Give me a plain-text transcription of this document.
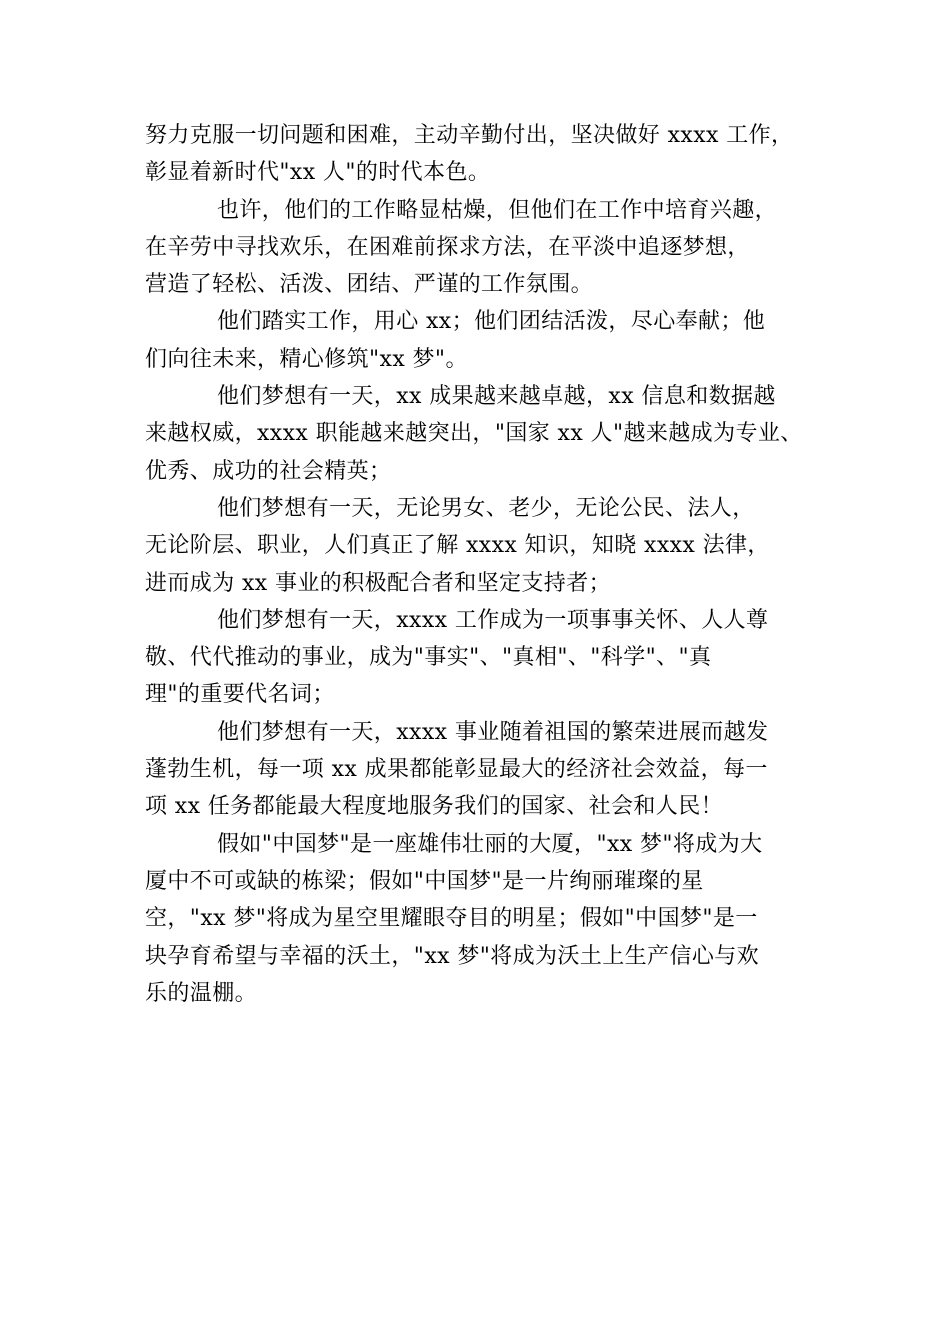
努力克服一切问题和困难，主动辛勤付出，坚决做好 xxxx 工作，
彰显着新时代"xx 人"的时代本色。
也许，他们的工作略显枯燥，但他们在工作中培育兴趣，
在辛劳中寻找欢乐，在困难前探求方法，在平淡中追逐梦想，
营造了轻松、活泼、团结、严谨的工作氛围。
他们踏实工作，用心 xx；他们团结活泼，尽心奉献；他
们向往未来，精心修筑"xx 梦"。
他们梦想有一天，xx 成果越来越卓越，xx 信息和数据越
来越权威，xxxx 职能越来越突出，"国家 xx 人"越来越成为专业、
优秀、成功的社会精英；
他们梦想有一天，无论男女、老少，无论公民、法人，
无论阶层、职业，人们真正了解 xxxx 知识，知晓 xxxx 法律，
进而成为 xx 事业的积极配合者和坚定支持者；
他们梦想有一天，xxxx 工作成为一项事事关怀、人人尊
敬、代代推动的事业，成为"事实"、"真相"、"科学"、"真
理"的重要代名词；
他们梦想有一天，xxxx 事业随着祖国的繁荣进展而越发
蓬勃生机，每一项 xx 成果都能彰显最大的经济社会效益，每一
项 xx 任务都能最大程度地服务我们的国家、社会和人民！
假如"中国梦"是一座雄伟壮丽的大厦，"xx 梦"将成为大
厦中不可或缺的栋梁；假如"中国梦"是一片绚丽璀璨的星
空，"xx 梦"将成为星空里耀眼夺目的明星；假如"中国梦"是一
块孕育希望与幸福的沃土，"xx 梦"将成为沃土上生产信心与欢
乐的温棚。
